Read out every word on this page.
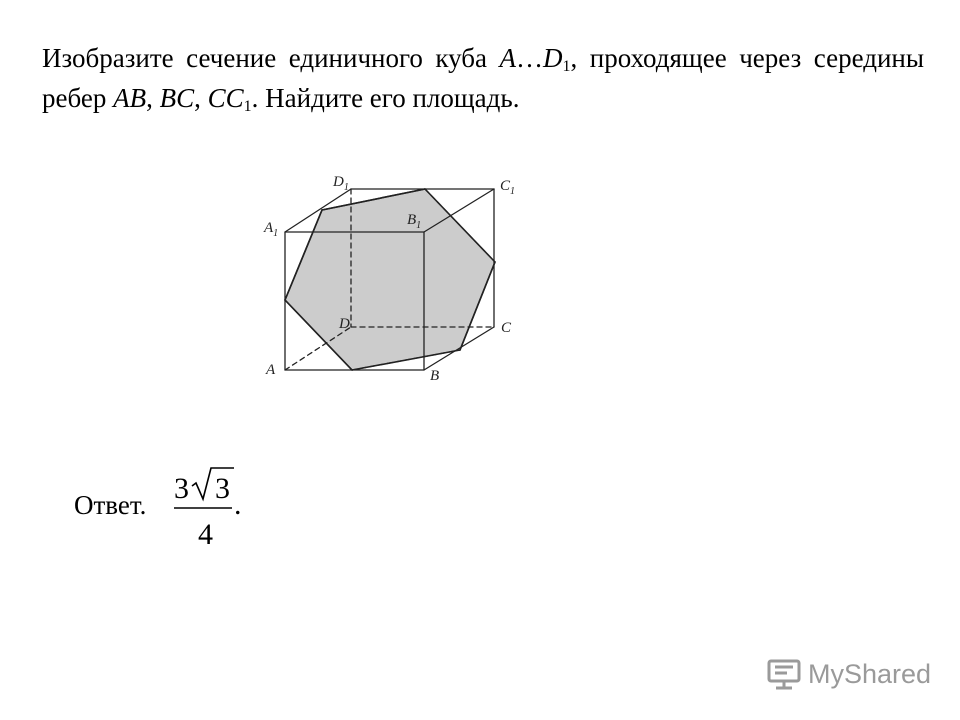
Изобразите сечение единичного куба $A\dots D_1$, проходящее через середины ребер AB, BC, $CC_1$. Найдите его площадь.
$D_1$	$C_1$
$A_1$
$B_1$
D	C
A	B
Ответ. 3 3
4
.
MyShared
